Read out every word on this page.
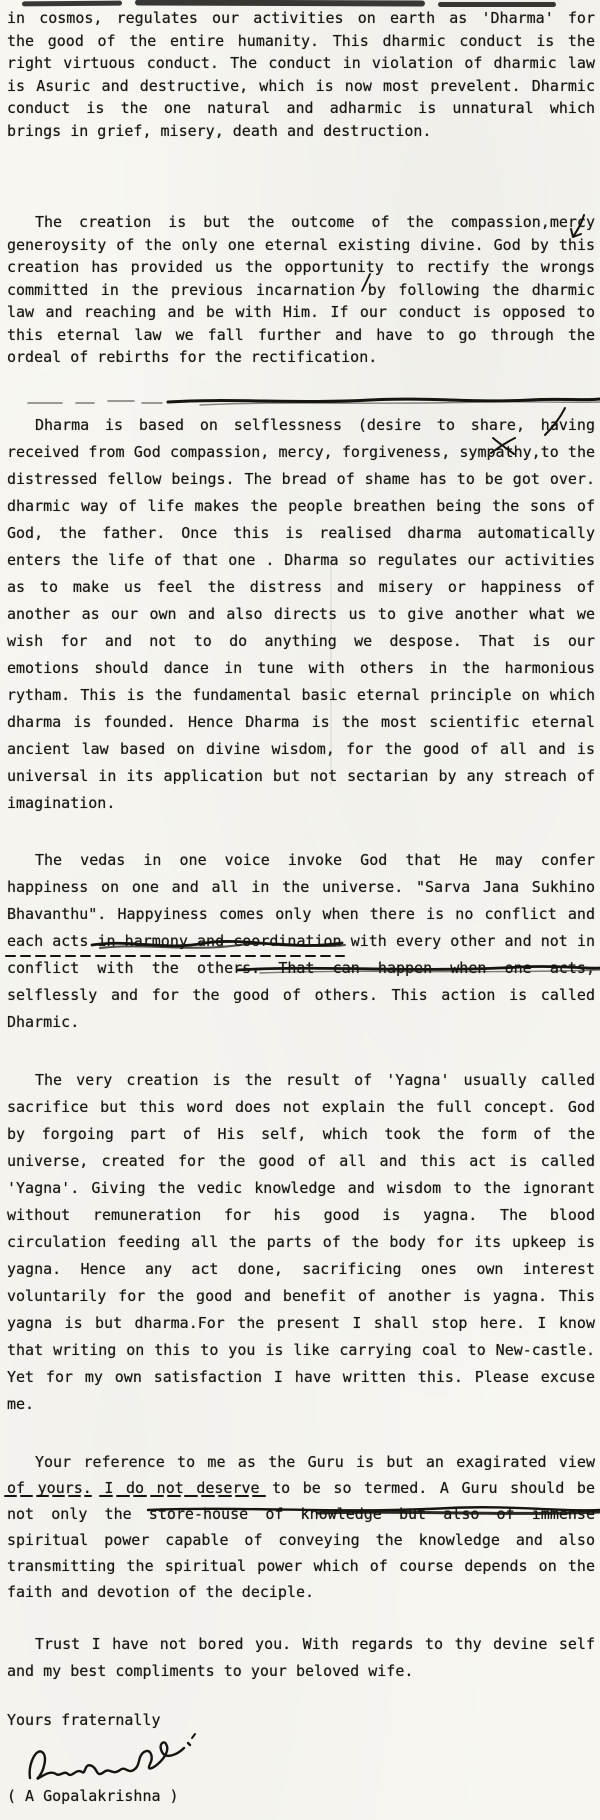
in cosmos, regulates our activities on earth as 'Dharma' for
the good of the entire humanity. This dharmic conduct is the
right virtuous conduct. The conduct in violation of dharmic law
is Asuric and destructive, which is now most prevelent. Dharmic
conduct is the one natural and adharmic is unnatural which
brings in grief, misery, death and destruction.
The creation is but the outcome of the compassion,mercy
generoysity of the only one eternal existing divine. God by this
creation has provided us the opportunity to rectify the wrongs
committed in the previous incarnation by following the dharmic
law and reaching and be with Him. If our conduct is opposed to
this eternal law we fall further and have to go through the
ordeal of rebirths for the rectification.
Dharma is based on selflessness (desire to share, having
received from God compassion, mercy, forgiveness, sympathy,to the
distressed fellow beings. The bread of shame has to be got over.
dharmic way of life makes the people breathen being the sons of
God, the father. Once this is realised dharma automatically
enters the life of that one . Dharma so regulates our activities
as to make us feel the distress and misery or happiness of
another as our own and also directs us to give another what we
wish for and not to do anything we despose. That is our
emotions should dance in tune with others in the harmonious
rytham. This is the fundamental basic eternal principle on which
dharma is founded. Hence Dharma is the most scientific eternal
ancient law based on divine wisdom, for the good of all and is
universal in its application but not sectarian by any streach of
imagination.
The vedas in one voice invoke God that He may confer
happiness on one and all in the universe. "Sarva Jana Sukhino
Bhavanthu". Happyiness comes only when there is no conflict and
each acts in harmony and coordination with every other and not in
conflict with the others. That can happen when one acts,
selflessly and for the good of others. This action is called
Dharmic.
The very creation is the result of 'Yagna' usually called
sacrifice but this word does not explain the full concept. God
by forgoing part of His self, which took the form of the
universe, created for the good of all and this act is called
'Yagna'. Giving the vedic knowledge and wisdom to the ignorant
without remuneration for his good is yagna. The blood
circulation feeding all the parts of the body for its upkeep is
yagna. Hence any act done, sacrificing ones own interest
voluntarily for the good and benefit of another is yagna. This
yagna is but dharma.For the present I shall stop here. I know
that writing on this to you is like carrying coal to New-castle.
Yet for my own satisfaction I have written this. Please excuse
me.
Your reference to me as the Guru is but an exagirated view
of yours. I do not deserve to be so termed. A Guru should be
not only the store-house of knowledge but also of immense
spiritual power capable of conveying the knowledge and also
transmitting the spiritual power which of course depends on the
faith and devotion of the deciple.
Trust I have not bored you. With regards to thy devine self
and my best compliments to your beloved wife.
Yours fraternally
( A Gopalakrishna )
